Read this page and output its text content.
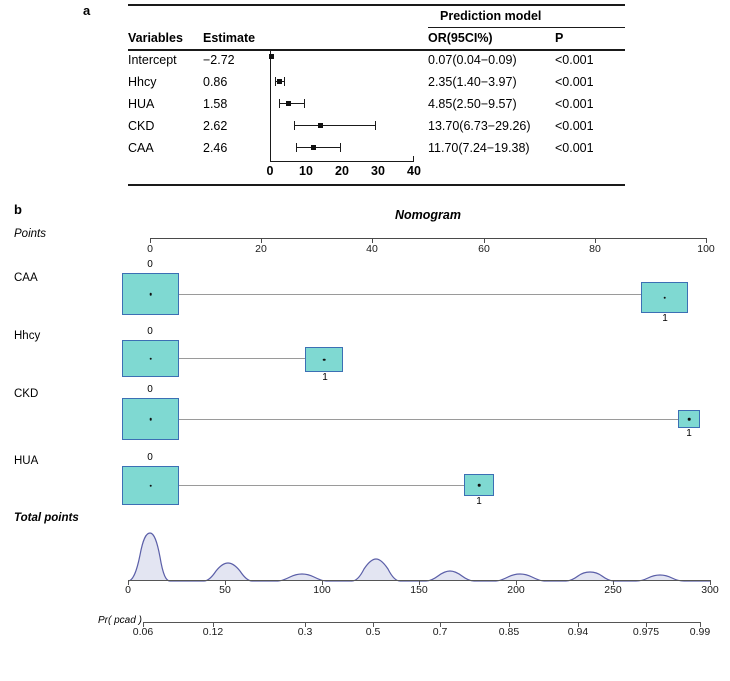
a	Prediction model
Variables Estimate	OR(95CI%)	P
Intercept −2.72	0.07(0.04−0.09)	<0.001
Hhcy	0.86	2.35(1.40−3.97)	<0.001
HUA	1.58	4.85(2.50−9.57)	<0.001
CKD	2.62	13.70(6.73−29.26) <0.001
CAA	2.46	11.70(7.24−19.38) <0.001
0 10 20 30 40
b	Nomogram
Points
0	20	40	60	80	100
CAA
0
1
Hhcy	0
1
CKD	0
1
HUA	0
1
Total points
0	50	100	150	200	250	300
Pr( pcad )
0.06	0.12	0.3	0.5	0.7	0.85	0.94	0.975	0.99
